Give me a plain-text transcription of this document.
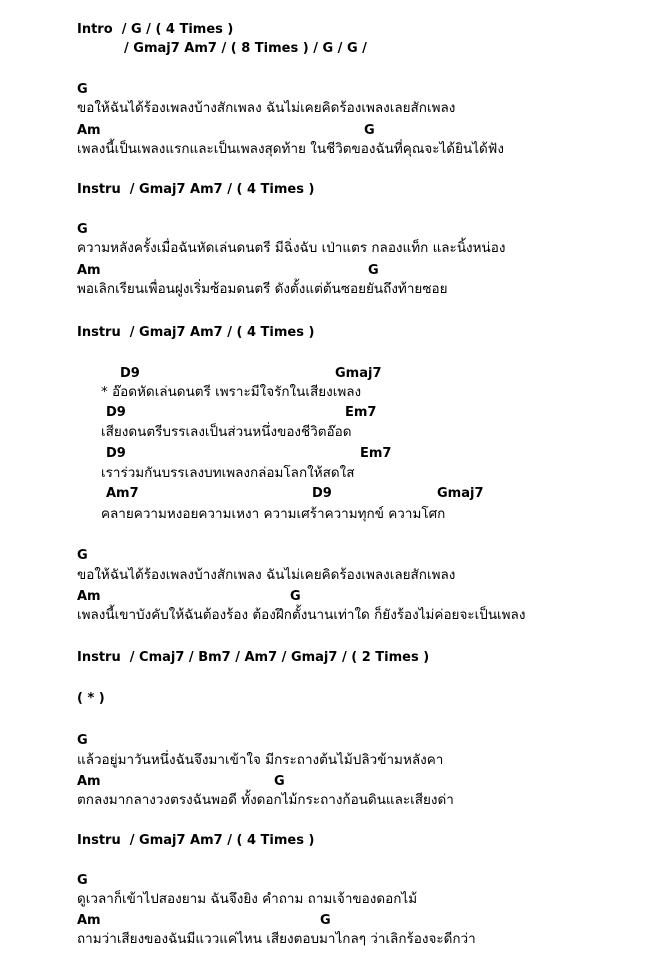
Intro  / G / ( 4 Times )
/ Gmaj7 Am7 / ( 8 Times ) / G / G /
G
ขอให้ฉันได้ร้องเพลงบ้างสักเพลง ฉันไม่เคยคิดร้องเพลงเลยสักเพลง
Am	G
เพลงนี้เป็นเพลงแรกและเป็นเพลงสุดท้าย ในชีวิตของฉันที่คุณจะได้ยินได้ฟัง
Instru  / Gmaj7 Am7 / ( 4 Times )
G
ความหลังครั้งเมื่อฉันหัดเล่นดนตรี มีฉิ่งฉับ เป่าแตร กลองแท็ก และนิ้งหน่อง
Am	G
พอเลิกเรียนเพื่อนฝูงเริ่มซ้อมดนตรี ดังตั้งแต่ต้นซอยยันถึงท้ายซอย
Instru  / Gmaj7 Am7 / ( 4 Times )
D9	Gmaj7
* อ๊อดหัดเล่นดนตรี เพราะมีใจรักในเสียงเพลง
D9	Em7
เสียงดนตรีบรรเลงเป็นส่วนหนึ่งของชีวิตอ๊อด
D9	Em7
เราร่วมกันบรรเลงบทเพลงกล่อมโลกให้สดใส
Am7	D9	Gmaj7
คลายความหงอยความเหงา ความเศร้าความทุกข์ ความโศก
G
ขอให้ฉันได้ร้องเพลงบ้างสักเพลง ฉันไม่เคยคิดร้องเพลงเลยสักเพลง
Am	G
เพลงนี้เขาบังคับให้ฉันต้องร้อง ต้องฝึกตั้งนานเท่าใด ก็ยังร้องไม่ค่อยจะเป็นเพลง
Instru  / Cmaj7 / Bm7 / Am7 / Gmaj7 / ( 2 Times )
( * )
G
แล้วอยู่มาวันหนึ่งฉันจึงมาเข้าใจ มีกระถางต้นไม้ปลิวข้ามหลังคา
Am	G
ตกลงมากลางวงตรงฉันพอดี ทั้งดอกไม้กระถางก้อนดินและเสียงด่า
Instru  / Gmaj7 Am7 / ( 4 Times )
G
ดูเวลาก็เข้าไปสองยาม ฉันจึงยิง คำถาม ถามเจ้าของดอกไม้
Am	G
ถามว่าเสียงของฉันมีแววแค่ไหน เสียงตอบมาไกลๆ ว่าเลิกร้องจะดีกว่า
